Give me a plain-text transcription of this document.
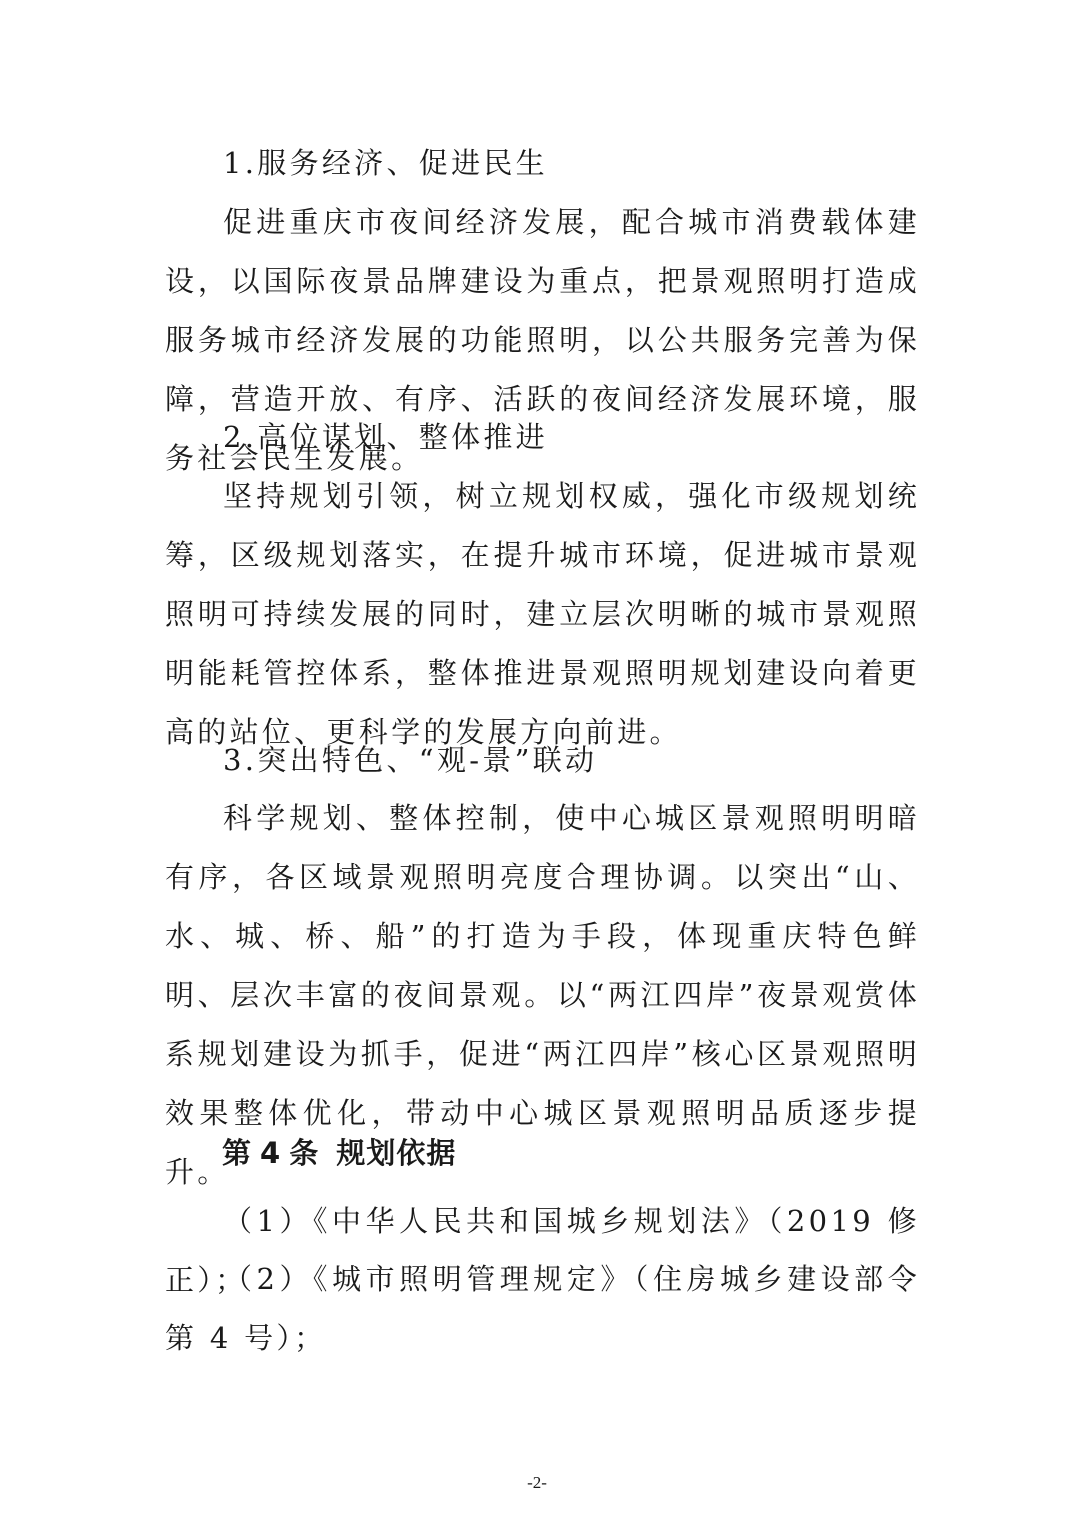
1.服务经济、促进民生

促进重庆市夜间经济发展，配合城市消费载体建设，以国际夜景品牌建设为重点，把景观照明打造成服务城市经济发展的功能照明，以公共服务完善为保障，营造开放、有序、活跃的夜间经济发展环境，服务社会民生发展。

2.高位谋划、整体推进

坚持规划引领，树立规划权威，强化市级规划统筹，区级规划落实，在提升城市环境，促进城市景观照明可持续发展的同时，建立层次明晰的城市景观照明能耗管控体系，整体推进景观照明规划建设向着更高的站位、更科学的发展方向前进。

3.突出特色、“观-景”联动

科学规划、整体控制，使中心城区景观照明明暗有序，各区域景观照明亮度合理协调。以突出“山、水、城、桥、船”的打造为手段，体现重庆特色鲜明、层次丰富的夜间景观。以“两江四岸”夜景观赏体系规划建设为抓手，促进“两江四岸”核心区景观照明效果整体优化，带动中心城区景观照明品质逐步提升。

第 4 条 规划依据

（1）《中华人民共和国城乡规划法》（2019 修正）；

（2）《城市照明管理规定》（住房城乡建设部令第 4 号）；

-2-
